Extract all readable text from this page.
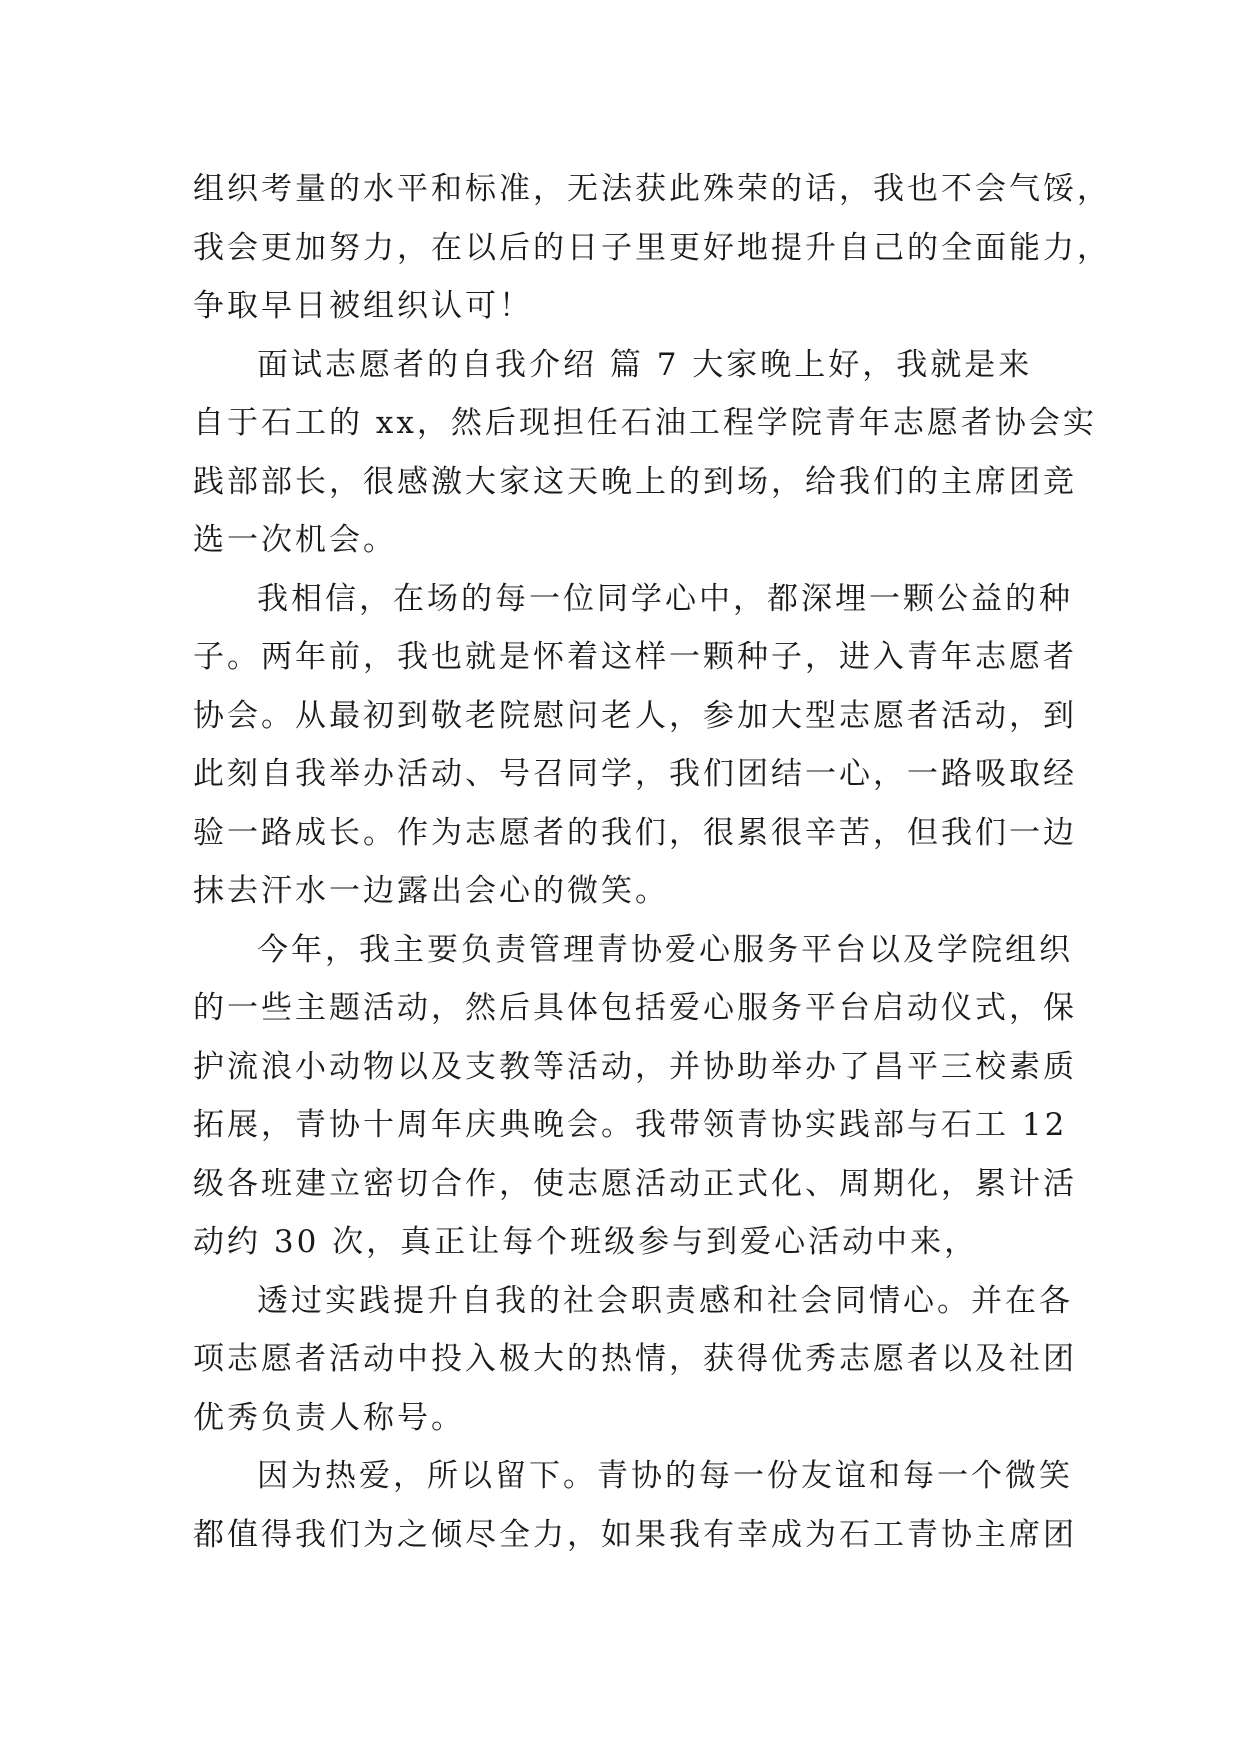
组织考量的水平和标准，无法获此殊荣的话，我也不会气馁，
我会更加努力，在以后的日子里更好地提升自己的全面能力，
争取早日被组织认可！
面试志愿者的自我介绍 篇 7 大家晚上好，我就是来
自于石工的 xx，然后现担任石油工程学院青年志愿者协会实
践部部长，很感激大家这天晚上的到场，给我们的主席团竞
选一次机会。
我相信，在场的每一位同学心中，都深埋一颗公益的种
子。两年前，我也就是怀着这样一颗种子，进入青年志愿者
协会。从最初到敬老院慰问老人，参加大型志愿者活动，到
此刻自我举办活动、号召同学，我们团结一心，一路吸取经
验一路成长。作为志愿者的我们，很累很辛苦，但我们一边
抹去汗水一边露出会心的微笑。
今年，我主要负责管理青协爱心服务平台以及学院组织
的一些主题活动，然后具体包括爱心服务平台启动仪式，保
护流浪小动物以及支教等活动，并协助举办了昌平三校素质
拓展，青协十周年庆典晚会。我带领青协实践部与石工 12
级各班建立密切合作，使志愿活动正式化、周期化，累计活
动约 30 次，真正让每个班级参与到爱心活动中来，
透过实践提升自我的社会职责感和社会同情心。并在各
项志愿者活动中投入极大的热情，获得优秀志愿者以及社团
优秀负责人称号。
因为热爱，所以留下。青协的每一份友谊和每一个微笑
都值得我们为之倾尽全力，如果我有幸成为石工青协主席团
